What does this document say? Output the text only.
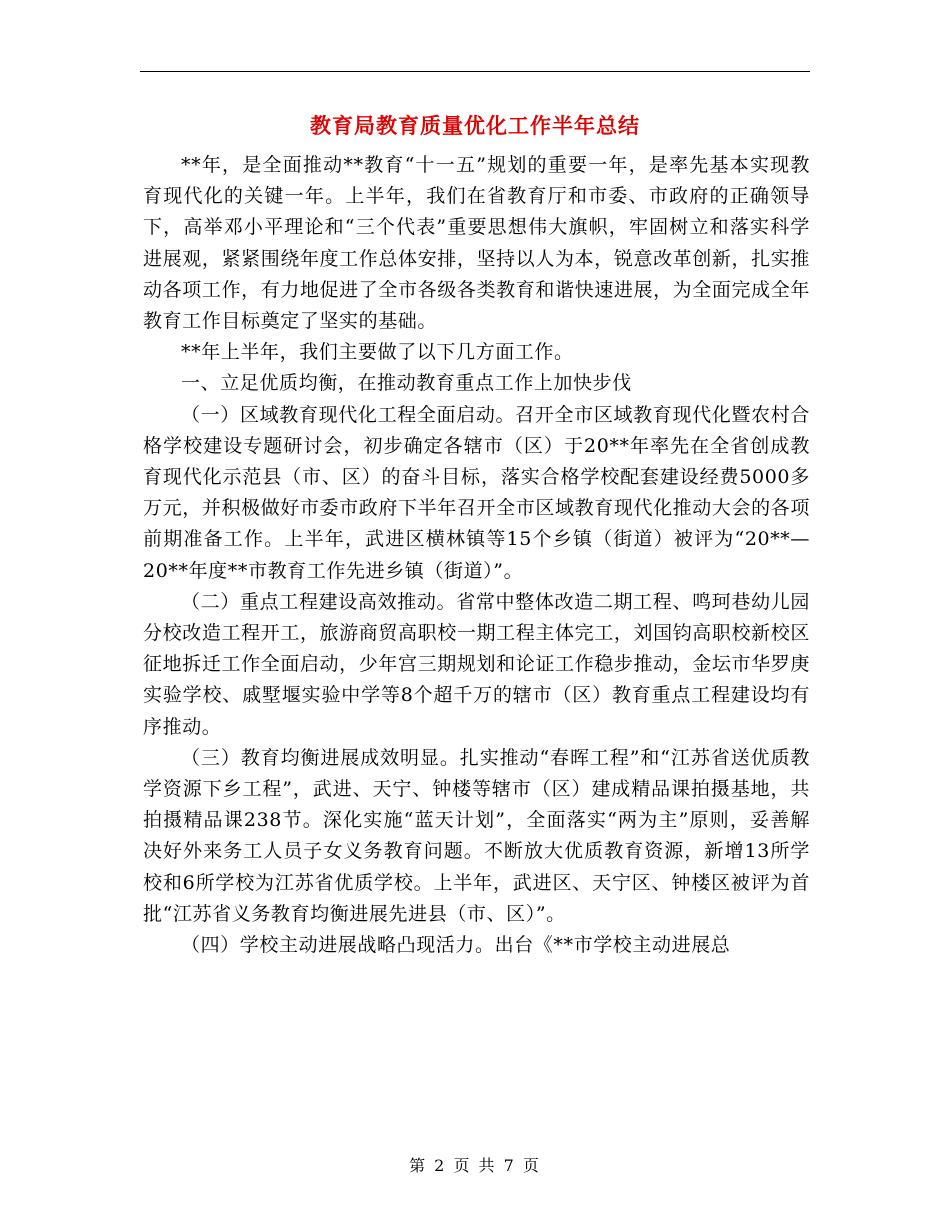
教育局教育质量优化工作半年总结

**年，是全面推动**教育“十一五”规划的重要一年，是率先基本实现教育现代化的关键一年。上半年，我们在省教育厅和市委、市政府的正确领导下，高举邓小平理论和“三个代表”重要思想伟大旗帜，牢固树立和落实科学进展观，紧紧围绕年度工作总体安排，坚持以人为本，锐意改革创新，扎实推动各项工作，有力地促进了全市各级各类教育和谐快速进展，为全面完成全年教育工作目标奠定了坚实的基础。

**年上半年，我们主要做了以下几方面工作。

一、立足优质均衡，在推动教育重点工作上加快步伐

（一）区域教育现代化工程全面启动。召开全市区域教育现代化暨农村合格学校建设专题研讨会，初步确定各辖市（区）于20**年率先在全省创成教育现代化示范县（市、区）的奋斗目标，落实合格学校配套建设经费5000多万元，并积极做好市委市政府下半年召开全市区域教育现代化推动大会的各项前期准备工作。上半年，武进区横林镇等15个乡镇（街道）被评为“20**—20**年度**市教育工作先进乡镇（街道）”。

（二）重点工程建设高效推动。省常中整体改造二期工程、鸣珂巷幼儿园分校改造工程开工，旅游商贸高职校一期工程主体完工，刘国钧高职校新校区征地拆迁工作全面启动，少年宫三期规划和论证工作稳步推动，金坛市华罗庚实验学校、戚墅堰实验中学等8个超千万的辖市（区）教育重点工程建设均有序推动。

（三）教育均衡进展成效明显。扎实推动“春晖工程”和“江苏省送优质教学资源下乡工程”，武进、天宁、钟楼等辖市（区）建成精品课拍摄基地，共拍摄精品课238节。深化实施“蓝天计划”，全面落实“两为主”原则，妥善解决好外来务工人员子女义务教育问题。不断放大优质教育资源，新增13所学校和6所学校为江苏省优质学校。上半年，武进区、天宁区、钟楼区被评为首批“江苏省义务教育均衡进展先进县（市、区）”。

（四）学校主动进展战略凸现活力。出台《**市学校主动进展总

第 2 页 共 7 页
